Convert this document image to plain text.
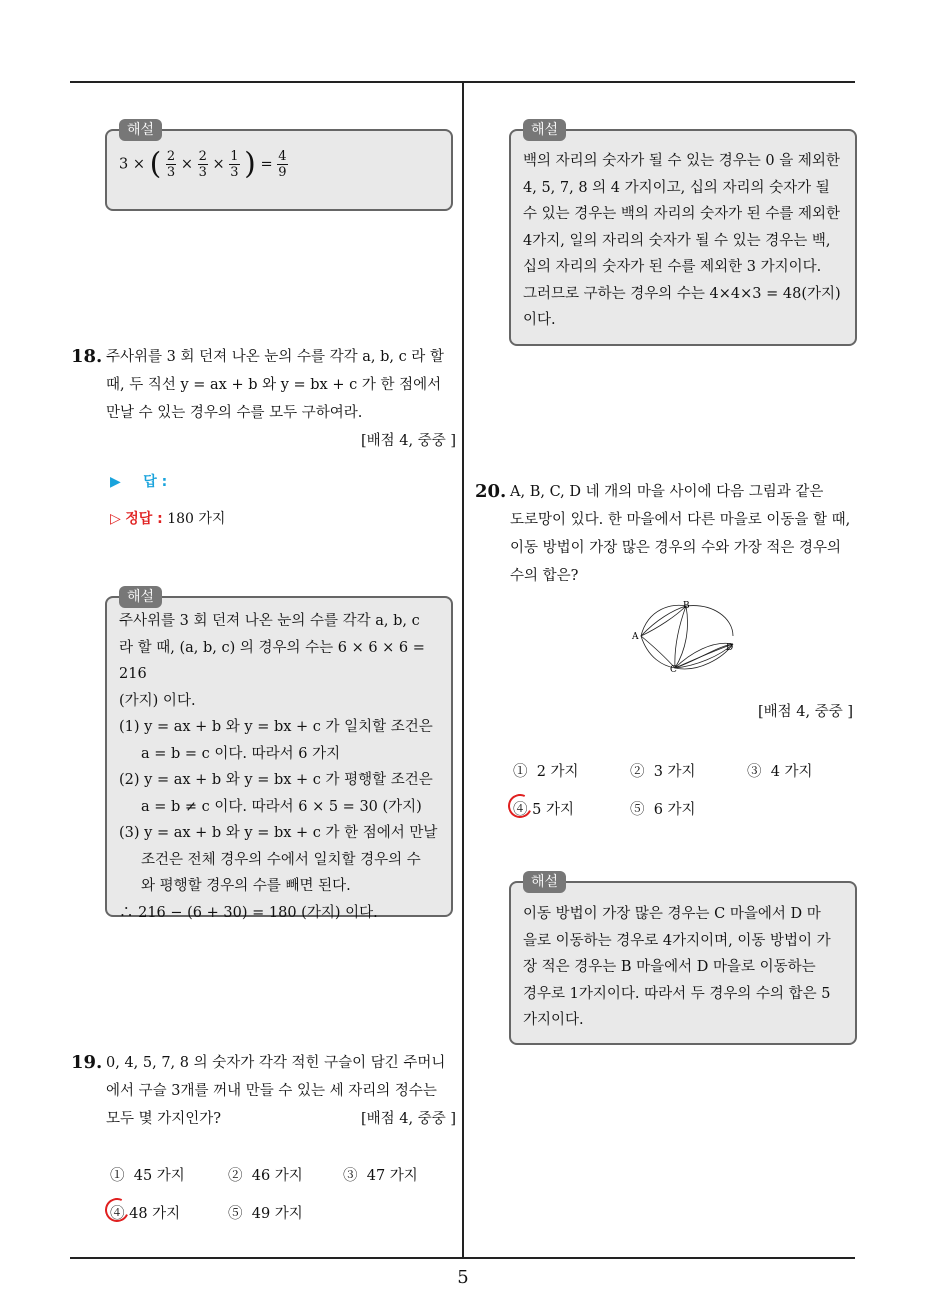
해설
3 × ( $\frac{2}{3} \times \frac{2}{3} \times \frac{1}{3}$ ) = $\frac{4}{9}$
18. 주사위를 3 회 던져 나온 눈의 수를 각각 a, b, c 라 할
때, 두 직선 y = ax + b 와 y = bx + c 가 한 점에서
만날 수 있는 경우의 수를 모두 구하여라.
[배점 4, 중중 ]
▶ 답 :
▷ 정답 : 180 가지
해설

주사위를 3 회 던져 나온 눈의 수를 각각 a, b, c

라 할 때, (a, b, c) 의 경우의 수는 6 × 6 × 6 = 216

(가지) 이다.

(1) y = ax + b 와 y = bx + c 가 일치할 조건은

a = b = c 이다. 따라서 6 가지

(2) y = ax + b 와 y = bx + c 가 평행할 조건은

a = b ≠ c 이다. 따라서 6 × 5 = 30 (가지)

(3) y = ax + b 와 y = bx + c 가 한 점에서 만날

조건은 전체 경우의 수에서 일치할 경우의 수

와 평행할 경우의 수를 빼면 된다.

∴ 216 − (6 + 30) = 180 (가지) 이다.

19. 0, 4, 5, 7, 8 의 숫자가 각각 적힌 구슬이 담긴 주머니
에서 구슬 3개를 꺼내 만들 수 있는 세 자리의 정수는
모두 몇 가지인가?	[배점 4, 중중 ]
① 45 가지	② 46 가지	③ 47 가지
④ 48 가지	⑤ 49 가지
해설

백의 자리의 숫자가 될 수 있는 경우는 0 을 제외한

4, 5, 7, 8 의 4 가지이고, 십의 자리의 숫자가 될

수 있는 경우는 백의 자리의 숫자가 된 수를 제외한

4가지, 일의 자리의 숫자가 될 수 있는 경우는 백,

십의 자리의 숫자가 된 수를 제외한 3 가지이다.

그러므로 구하는 경우의 수는 4×4×3 = 48(가지)

이다.

20. A, B, C, D 네 개의 마을 사이에 다음 그림과 같은
도로망이 있다. 한 마을에서 다른 마을로 이동을 할 때,
이동 방법이 가장 많은 경우의 수와 가장 적은 경우의
수의 합은?
A
B
C
D
[배점 4, 중중 ]
① 2 가지	② 3 가지	③ 4 가지
④ 5 가지	⑤ 6 가지
해설

이동 방법이 가장 많은 경우는 C 마을에서 D 마

을로 이동하는 경우로 4가지이며, 이동 방법이 가

장 적은 경우는 B 마을에서 D 마을로 이동하는

경우로 1가지이다. 따라서 두 경우의 수의 합은 5

가지이다.

5
